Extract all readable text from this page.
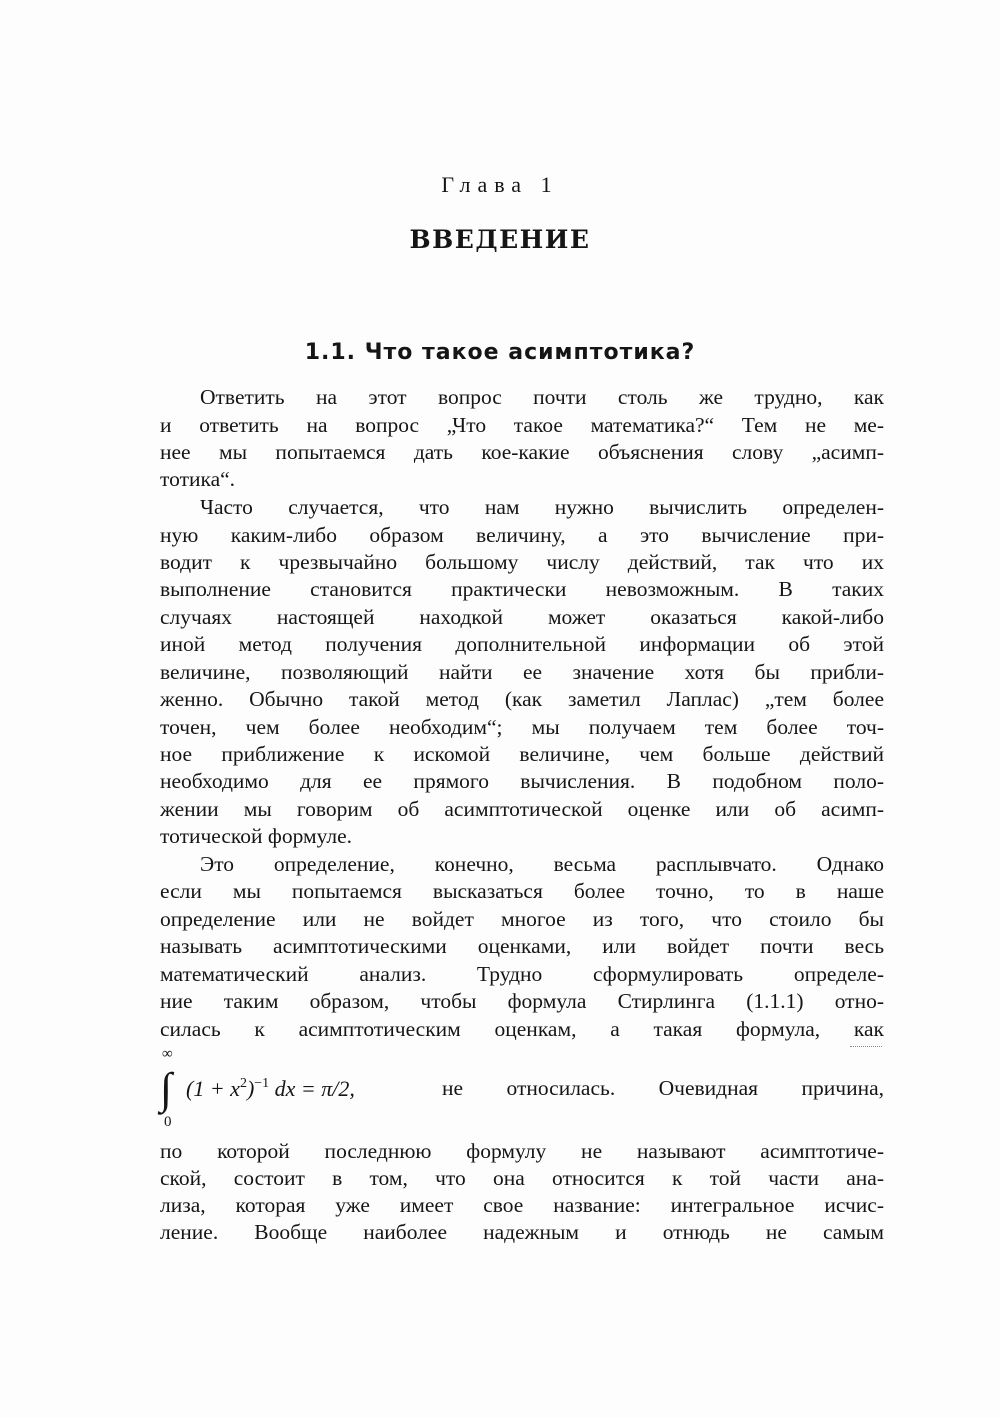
Глава 1
ВВЕДЕНИЕ
1.1. Что такое асимптотика?
Ответить на этот вопрос почти столь же трудно, как
и ответить на вопрос „Что такое математика?“ Тем не ме-
нее мы попытаемся дать кое-какие объяснения слову „асимп-
тотика“.
Часто случается, что нам нужно вычислить определен-
ную каким-либо образом величину, а это вычисление при-
водит к чрезвычайно большому числу действий, так что их
выполнение становится практически невозможным. В таких
случаях настоящей находкой может оказаться какой-либо
иной метод получения дополнительной информации об этой
величине, позволяющий найти ее значение хотя бы прибли-
женно. Обычно такой метод (как заметил Лаплас) „тем более
точен, чем более необходим“; мы получаем тем более точ-
ное приближение к искомой величине, чем больше действий
необходимо для ее прямого вычисления. В подобном поло-
жении мы говорим об асимптотической оценке или об асимп-
тотической формуле.
Это определение, конечно, весьма расплывчато. Однако
если мы попытаемся высказаться более точно, то в наше
определение или не войдет многое из того, что стоило бы
называть асимптотическими оценками, или войдет почти весь
математический анализ. Трудно сформулировать определе-
ние таким образом, чтобы формула Стирлинга (1.1.1) отно-
силась к асимптотическим оценкам, а такая формула, как
∞
∫
0
$(1 + x^2)^{-1}$ dx = π/2,	не относилась. Очевидная причина,
по которой последнюю формулу не называют асимптотиче-
ской, состоит в том, что она относится к той части ана-
лиза, которая уже имеет свое название: интегральное исчис-
ление. Вообще наиболее надежным и отнюдь не самым
